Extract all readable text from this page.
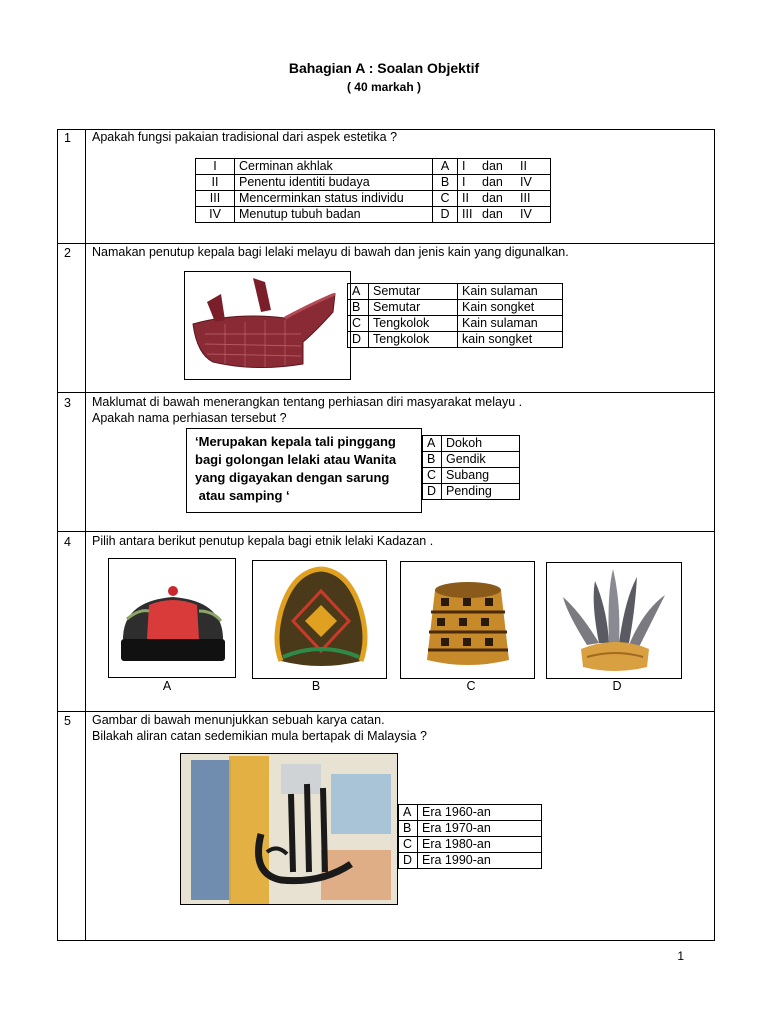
Bahagian A : Soalan Objektif
( 40 markah )
1 Apakah fungsi pakaian tradisional dari aspek estetika ?
I	Cerminan akhlak	A	I dan II
II	Penentu identiti budaya	B	I dan IV
III	Mencerminkan status individu	C	II dan III
IV	Menutup tubuh badan	D	III dan IV
2 Namakan penutup kepala bagi lelaki melayu di bawah dan jenis kain yang digunalkan.
A	Semutar	Kain sulaman
B	Semutar	Kain songket
C	Tengkolok	Kain sulaman
D	Tengkolok	kain songket
3 Maklumat di bawah menerangkan tentang perhiasan diri masyarakat melayu .
Apakah nama perhiasan tersebut ?
‘Merupakan kepala tali pinggang
bagi golongan lelaki atau Wanita
yang digayakan dengan sarung
atau samping ‘
A	Dokoh
B	Gendik
C	Subang
D	Pending
4 Pilih antara berikut penutup kepala bagi etnik lelaki Kadazan .
A	B	C	D
5 Gambar di bawah menunjukkan sebuah karya catan.
Bilakah aliran catan sedemikian mula bertapak di Malaysia ?
A	Era 1960-an
B	Era 1970-an
C	Era 1980-an
D	Era 1990-an
1
